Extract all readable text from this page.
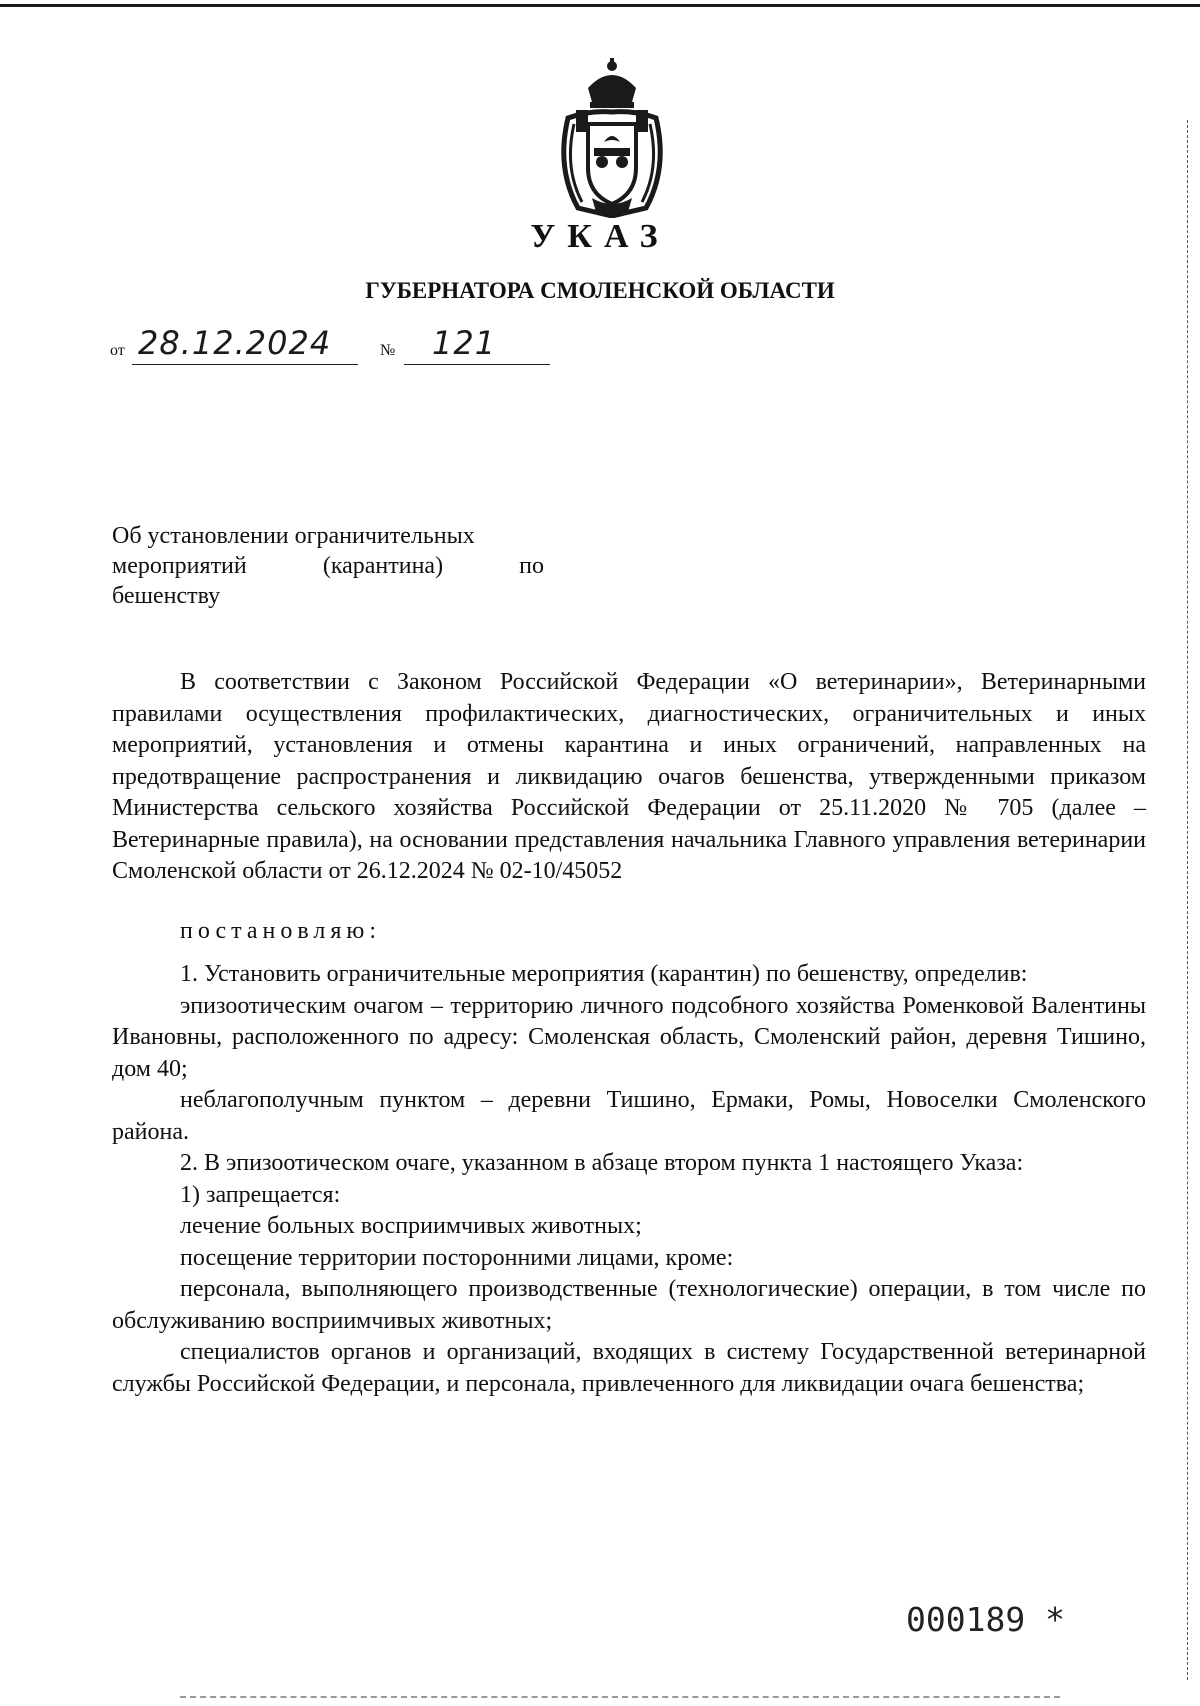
УКАЗ
ГУБЕРНАТОРА СМОЛЕНСКОЙ ОБЛАСТИ
от 28.12.2024	№ 121
Об установлении ограничительных
мероприятий (карантина) по
бешенству

В соответствии с Законом Российской Федерации «О ветеринарии», Ветеринарными правилами осуществления профилактических, диагностических, ограничительных и иных мероприятий, установления и отмены карантина и иных ограничений, направленных на предотвращение распространения и ликвидацию очагов бешенства, утвержденными приказом Министерства сельского хозяйства Российской Федерации от 25.11.2020 № 705 (далее – Ветеринарные правила), на основании представления начальника Главного управления ветеринарии Смоленской области от 26.12.2024 № 02-10/45052

постановляю:

1. Установить ограничительные мероприятия (карантин) по бешенству, определив:

эпизоотическим очагом – территорию личного подсобного хозяйства Роменковой Валентины Ивановны, расположенного по адресу: Смоленская область, Смоленский район, деревня Тишино, дом 40;

неблагополучным пунктом – деревни Тишино, Ермаки, Ромы, Новоселки Смоленского района.

2. В эпизоотическом очаге, указанном в абзаце втором пункта 1 настоящего Указа:

1) запрещается:

лечение больных восприимчивых животных;

посещение территории посторонними лицами, кроме:

персонала, выполняющего производственные (технологические) операции, в том числе по обслуживанию восприимчивых животных;

специалистов органов и организаций, входящих в систему Государственной ветеринарной службы Российской Федерации, и персонала, привлеченного для ликвидации очага бешенства;

000189 *
